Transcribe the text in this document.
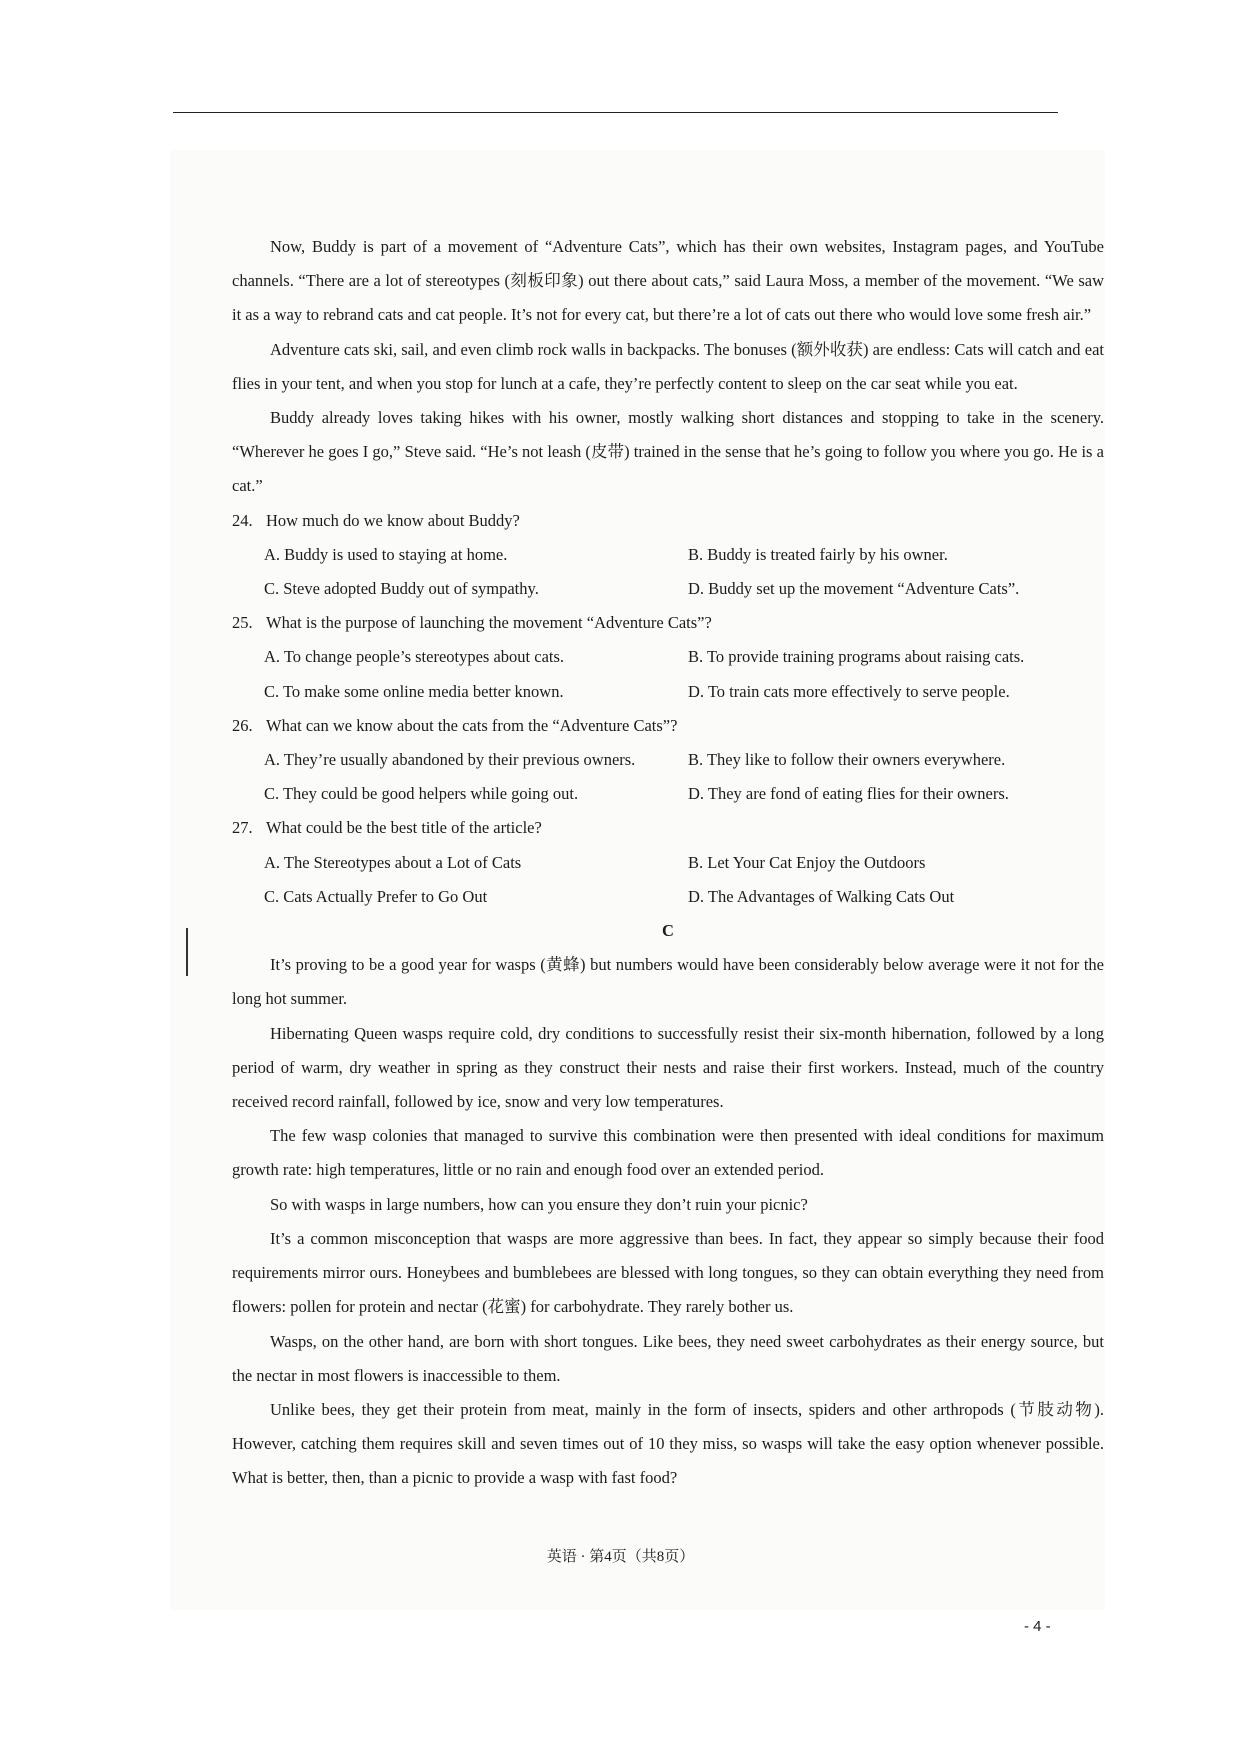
Now, Buddy is part of a movement of “Adventure Cats”, which has their own websites, Instagram pages, and YouTube channels. “There are a lot of stereotypes (刻板印象) out there about cats,” said Laura Moss, a member of the movement. “We saw it as a way to rebrand cats and cat people. It’s not for every cat, but there’re a lot of cats out there who would love some fresh air.”

Adventure cats ski, sail, and even climb rock walls in backpacks. The bonuses (额外收获) are endless: Cats will catch and eat flies in your tent, and when you stop for lunch at a cafe, they’re perfectly content to sleep on the car seat while you eat.

Buddy already loves taking hikes with his owner, mostly walking short distances and stopping to take in the scenery. “Wherever he goes I go,” Steve said. “He’s not leash (皮带) trained in the sense that he’s going to follow you where you go. He is a cat.”

24. How much do we know about Buddy?
A. Buddy is used to staying at home.	B. Buddy is treated fairly by his owner.
C. Steve adopted Buddy out of sympathy.	D. Buddy set up the movement “Adventure Cats”.
25. What is the purpose of launching the movement “Adventure Cats”?
A. To change people’s stereotypes about cats.	B. To provide training programs about raising cats.
C. To make some online media better known.	D. To train cats more effectively to serve people.
26. What can we know about the cats from the “Adventure Cats”?
A. They’re usually abandoned by their previous owners.	B. They like to follow their owners everywhere.
C. They could be good helpers while going out.	D. They are fond of eating flies for their owners.
27. What could be the best title of the article?
A. The Stereotypes about a Lot of Cats	B. Let Your Cat Enjoy the Outdoors
C. Cats Actually Prefer to Go Out	D. The Advantages of Walking Cats Out

C

It’s proving to be a good year for wasps (黄蜂) but numbers would have been considerably below average were it not for the long hot summer.

Hibernating Queen wasps require cold, dry conditions to successfully resist their six-month hibernation, followed by a long period of warm, dry weather in spring as they construct their nests and raise their first workers. Instead, much of the country received record rainfall, followed by ice, snow and very low temperatures.

The few wasp colonies that managed to survive this combination were then presented with ideal conditions for maximum growth rate: high temperatures, little or no rain and enough food over an extended period.

So with wasps in large numbers, how can you ensure they don’t ruin your picnic?

It’s a common misconception that wasps are more aggressive than bees. In fact, they appear so simply because their food requirements mirror ours. Honeybees and bumblebees are blessed with long tongues, so they can obtain everything they need from flowers: pollen for protein and nectar (花蜜) for carbohydrate. They rarely bother us.

Wasps, on the other hand, are born with short tongues. Like bees, they need sweet carbohydrates as their energy source, but the nectar in most flowers is inaccessible to them.

Unlike bees, they get their protein from meat, mainly in the form of insects, spiders and other arthropods (节肢动物). However, catching them requires skill and seven times out of 10 they miss, so wasps will take the easy option whenever possible. What is better, then, than a picnic to provide a wasp with fast food?

英语 · 第4页（共8页）
- 4 -
